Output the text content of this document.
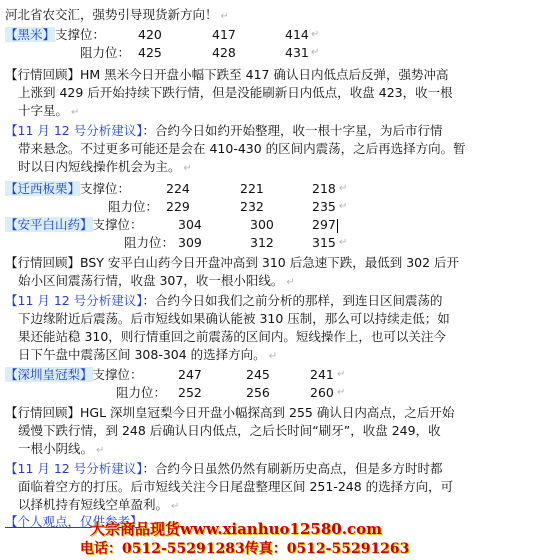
河北省农交汇，强势引导现货新方向！ ↵
【黑米】支撑位：	420	417	414 ↵
阻力位： 425	428	431 ↵
【行情回顾】HM 黑米今日开盘小幅下跌至 417 确认日内低点后反弹，强势冲高
上涨到 429 后开始持续下跌行情，但是没能刷新日内低点，收盘 423，收一根
十字星。 ↵
【11 月 12 号分析建议】：合约今日如约开始整理，收一根十字星，为后市行情
带来悬念。不过更多可能还是会在 410-430 的区间内震荡，之后再选择方向。暂
时以日内短线操作机会为主。 ↵
【迁西板栗】支撑位：	224	221	218 ↵
阻力位： 229	232	235 ↵
【安平白山药】支撑位：	304	300	297
阻力位： 309	312	315 ↵
【行情回顾】BSY 安平白山药今日开盘冲高到 310 后急速下跌，最低到 302 后开
始小区间震荡行情，收盘 307，收一根小阳线。 ↵
【11 月 12 号分析建议】：合约今日如我们之前分析的那样，到连日区间震荡的
下边缘附近后震荡。后市短线如果确认能被 310 压制，那么可以持续走低；如
果还能站稳 310，则行情重回之前震荡的区间内。短线操作上，也可以关注今
日下午盘中震荡区间 308-304 的选择方向。 ↵
【深圳皇冠梨】支撑位：	247	245	241 ↵
阻力位： 252	256	260 ↵
【行情回顾】HGL 深圳皇冠梨今日开盘小幅探高到 255 确认日内高点，之后开始
缓慢下跌行情，到 248 后确认日内低点，之后长时间“刷牙”，收盘 249，收
一根小阴线。 ↵
【11 月 12 号分析建议】：合约今日虽然仍然有刷新历史高点，但是多方时时都
面临着空方的打压。后市短线关注今日尾盘整理区间 251-248 的选择方向，可
以择机持有短线空单盈利。 ↵
【个人观点，仅供参考】
大宗商品现货www.xianhuo12580.com
电话：0512-55291283传真：0512-55291263
